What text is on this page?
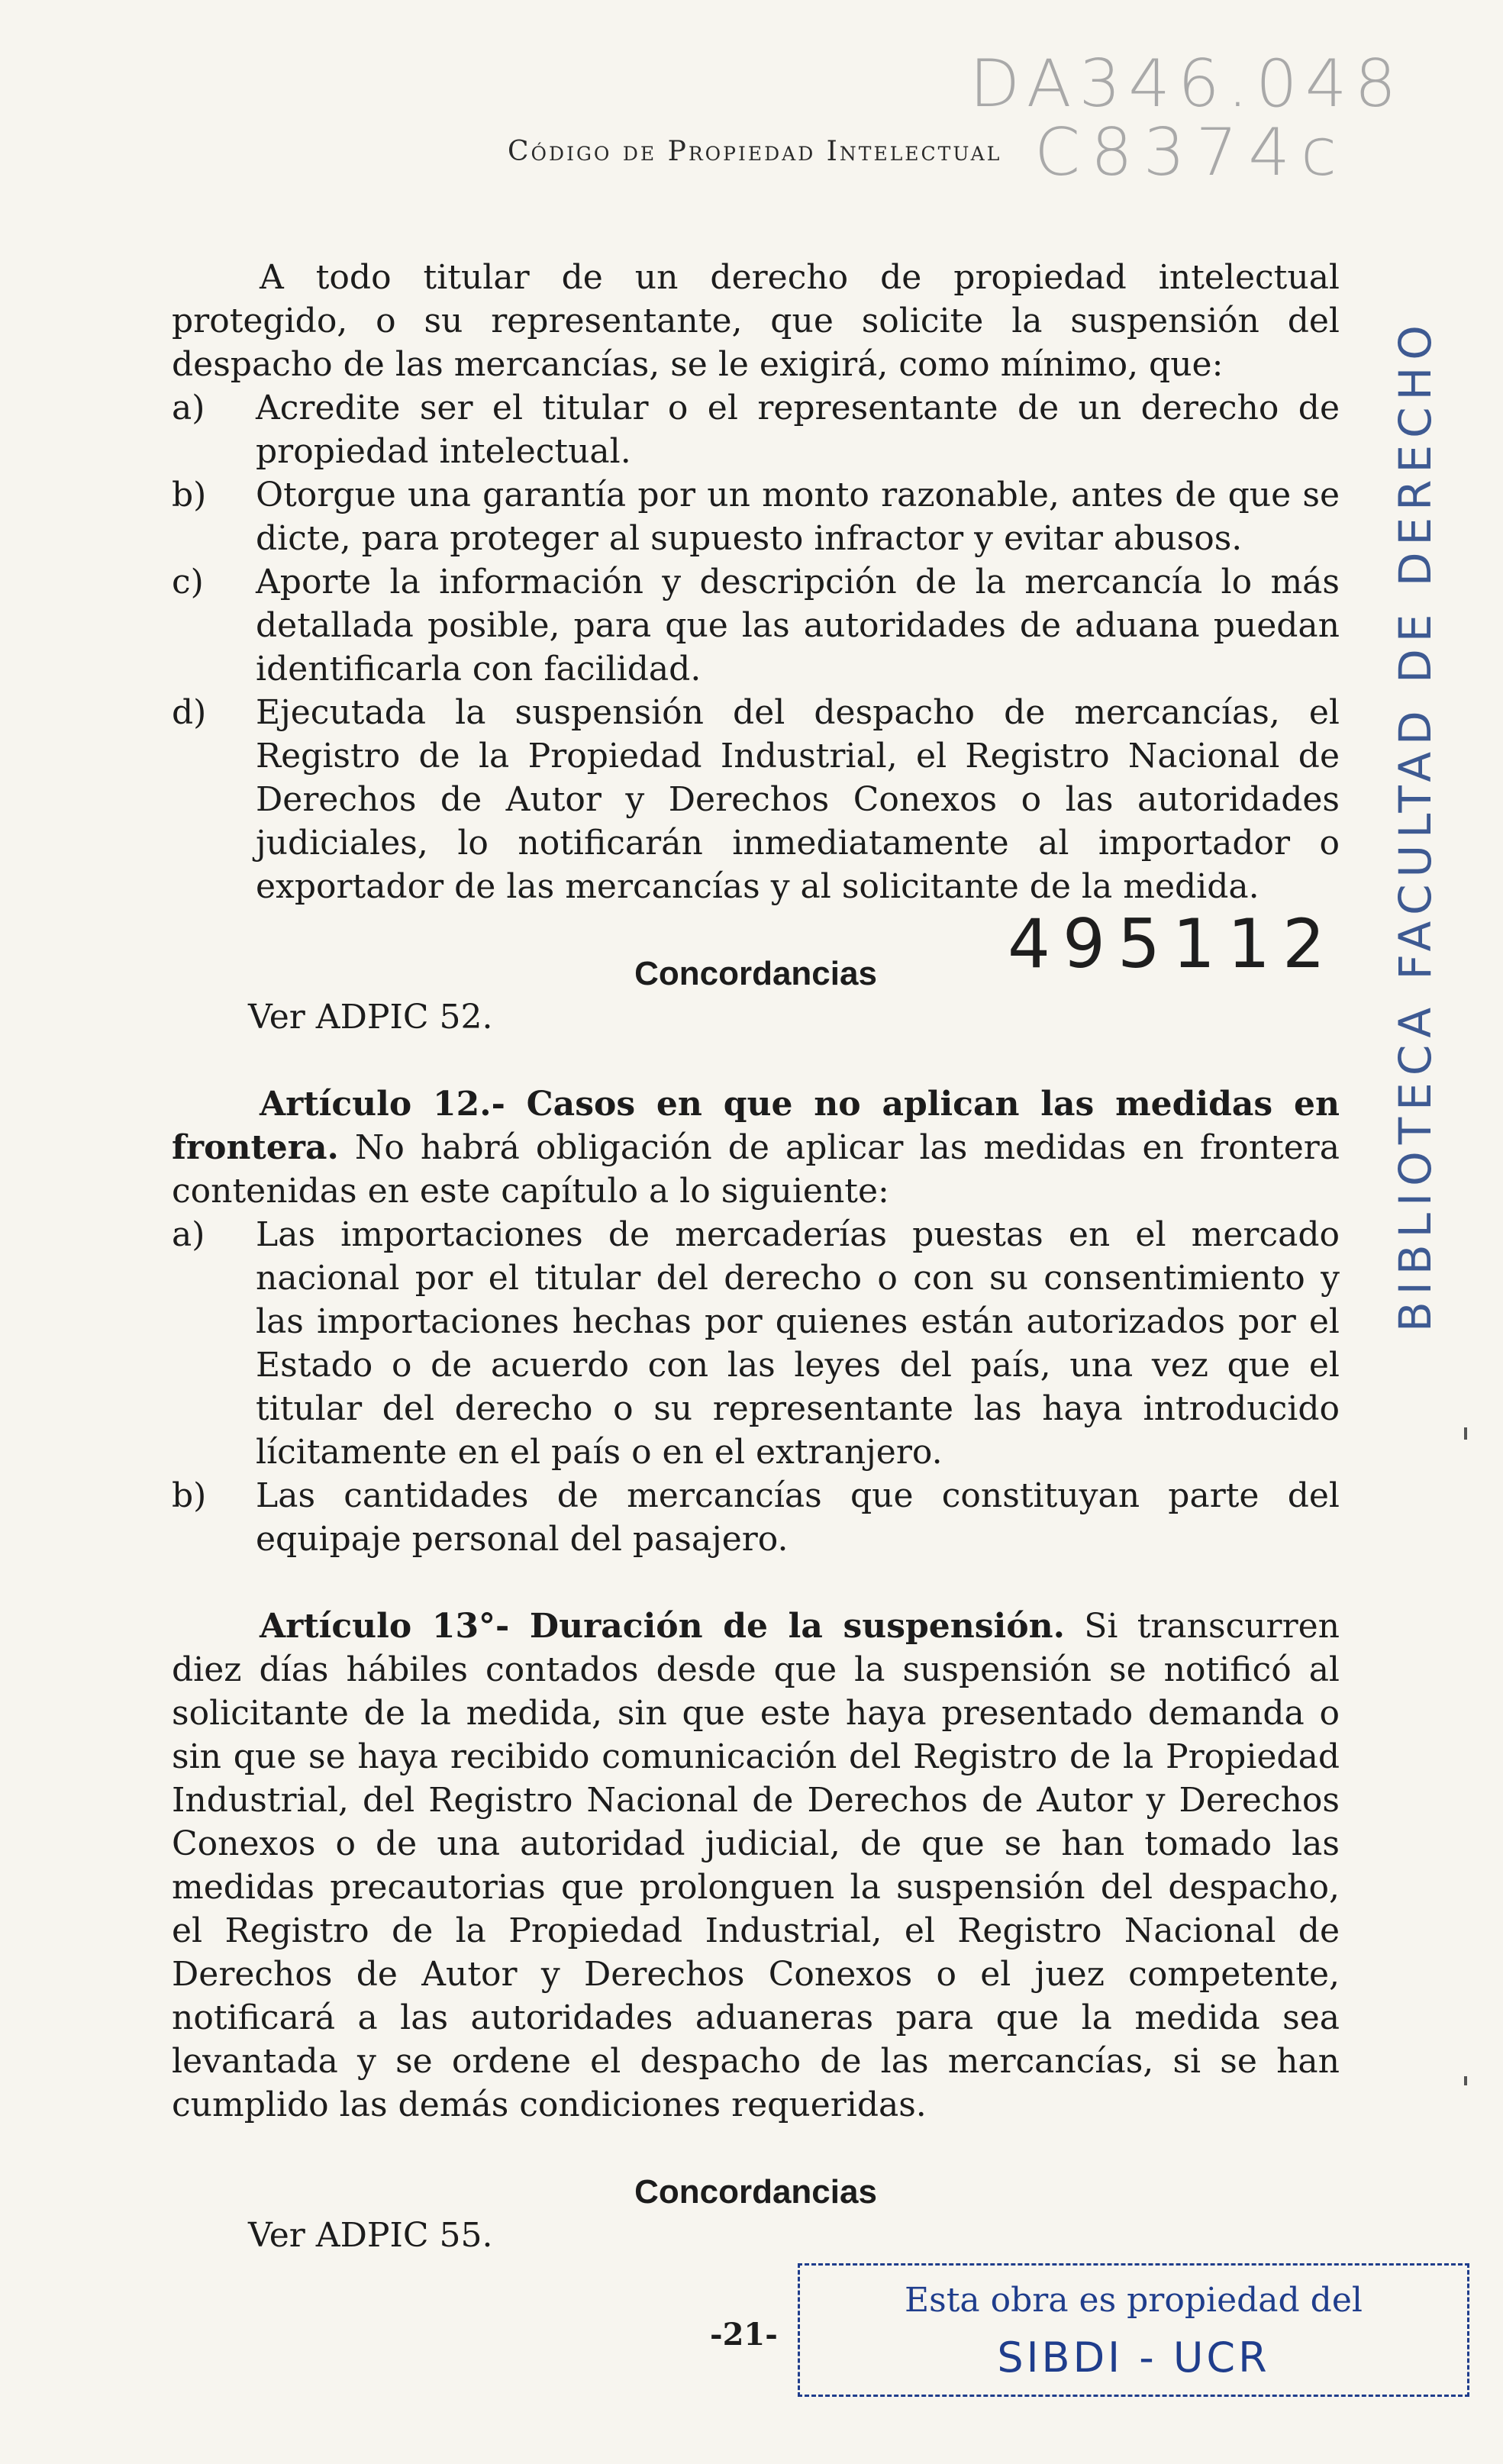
DA346.048
C8374c
Código de Propiedad Intelectual
BIBLIOTECA FACULTAD DE DERECHO
495112

A todo titular de un derecho de propiedad intelectual protegido, o su representante, que solicite la suspensión del despacho de las mercancías, se le exigirá, como mínimo, que:

a) Acredite ser el titular o el representante de un derecho de propiedad intelectual.
b) Otorgue una garantía por un monto razonable, antes de que se dicte, para proteger al supuesto infractor y evitar abusos.
c) Aporte la información y descripción de la mercancía lo más detallada posible, para que las autoridades de aduana puedan identificarla con facilidad.
d) Ejecutada la suspensión del despacho de mercancías, el Registro de la Propiedad Industrial, el Registro Nacional de Derechos de Autor y Derechos Conexos o las autoridades judiciales, lo notificarán inmediatamente al importador o exportador de las mercancías y al solicitante de la medida.

Concordancias

Ver ADPIC 52.

Artículo 12.- Casos en que no aplican las medidas en frontera. No habrá obligación de aplicar las medidas en frontera contenidas en este capítulo a lo siguiente:

a) Las importaciones de mercaderías puestas en el mercado nacional por el titular del derecho o con su consentimiento y las importaciones hechas por quienes están autorizados por el Estado o de acuerdo con las leyes del país, una vez que el titular del derecho o su representante las haya introducido lícitamente en el país o en el extranjero.
b) Las cantidades de mercancías que constituyan parte del equipaje personal del pasajero.

Artículo 13°- Duración de la suspensión. Si transcurren diez días hábiles contados desde que la suspensión se notificó al solicitante de la medida, sin que este haya presentado demanda o sin que se haya recibido comunicación del Registro de la Propiedad Industrial, del Registro Nacional de Derechos de Autor y Derechos Conexos o de una autoridad judicial, de que se han tomado las medidas precautorias que prolonguen la suspensión del despacho, el Registro de la Propiedad Industrial, el Registro Nacional de Derechos de Autor y Derechos Conexos o el juez competente, notificará a las autoridades aduaneras para que la medida sea levantada y se ordene el despacho de las mercancías, si se han cumplido las demás condiciones requeridas.

Concordancias

Ver ADPIC 55.

-21-
Esta obra es propiedad del
SIBDI - UCR
